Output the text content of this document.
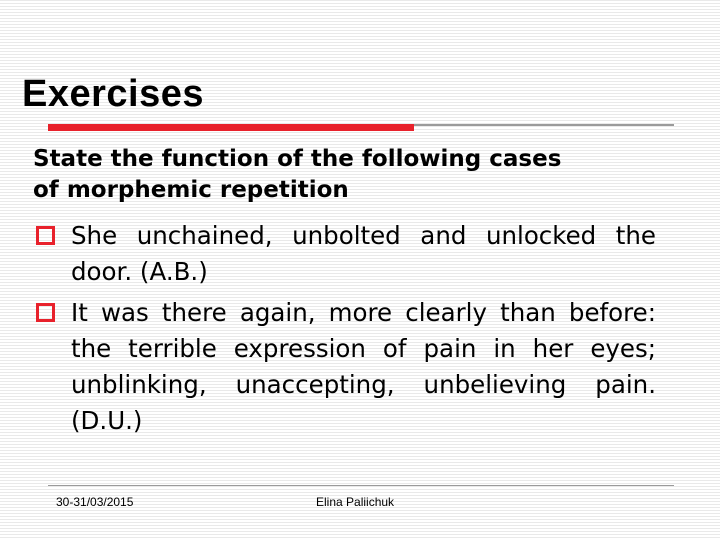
Exercises

State the function of the following cases
of morphemic repetition

She unchained, unbolted and unlocked the door. (A.B.)
It was there again, more clearly than before: the terrible expression of pain in her eyes; unblinking, unaccepting, unbelieving pain. (D.U.)
30-31/03/2015	Elina Paliichuk
